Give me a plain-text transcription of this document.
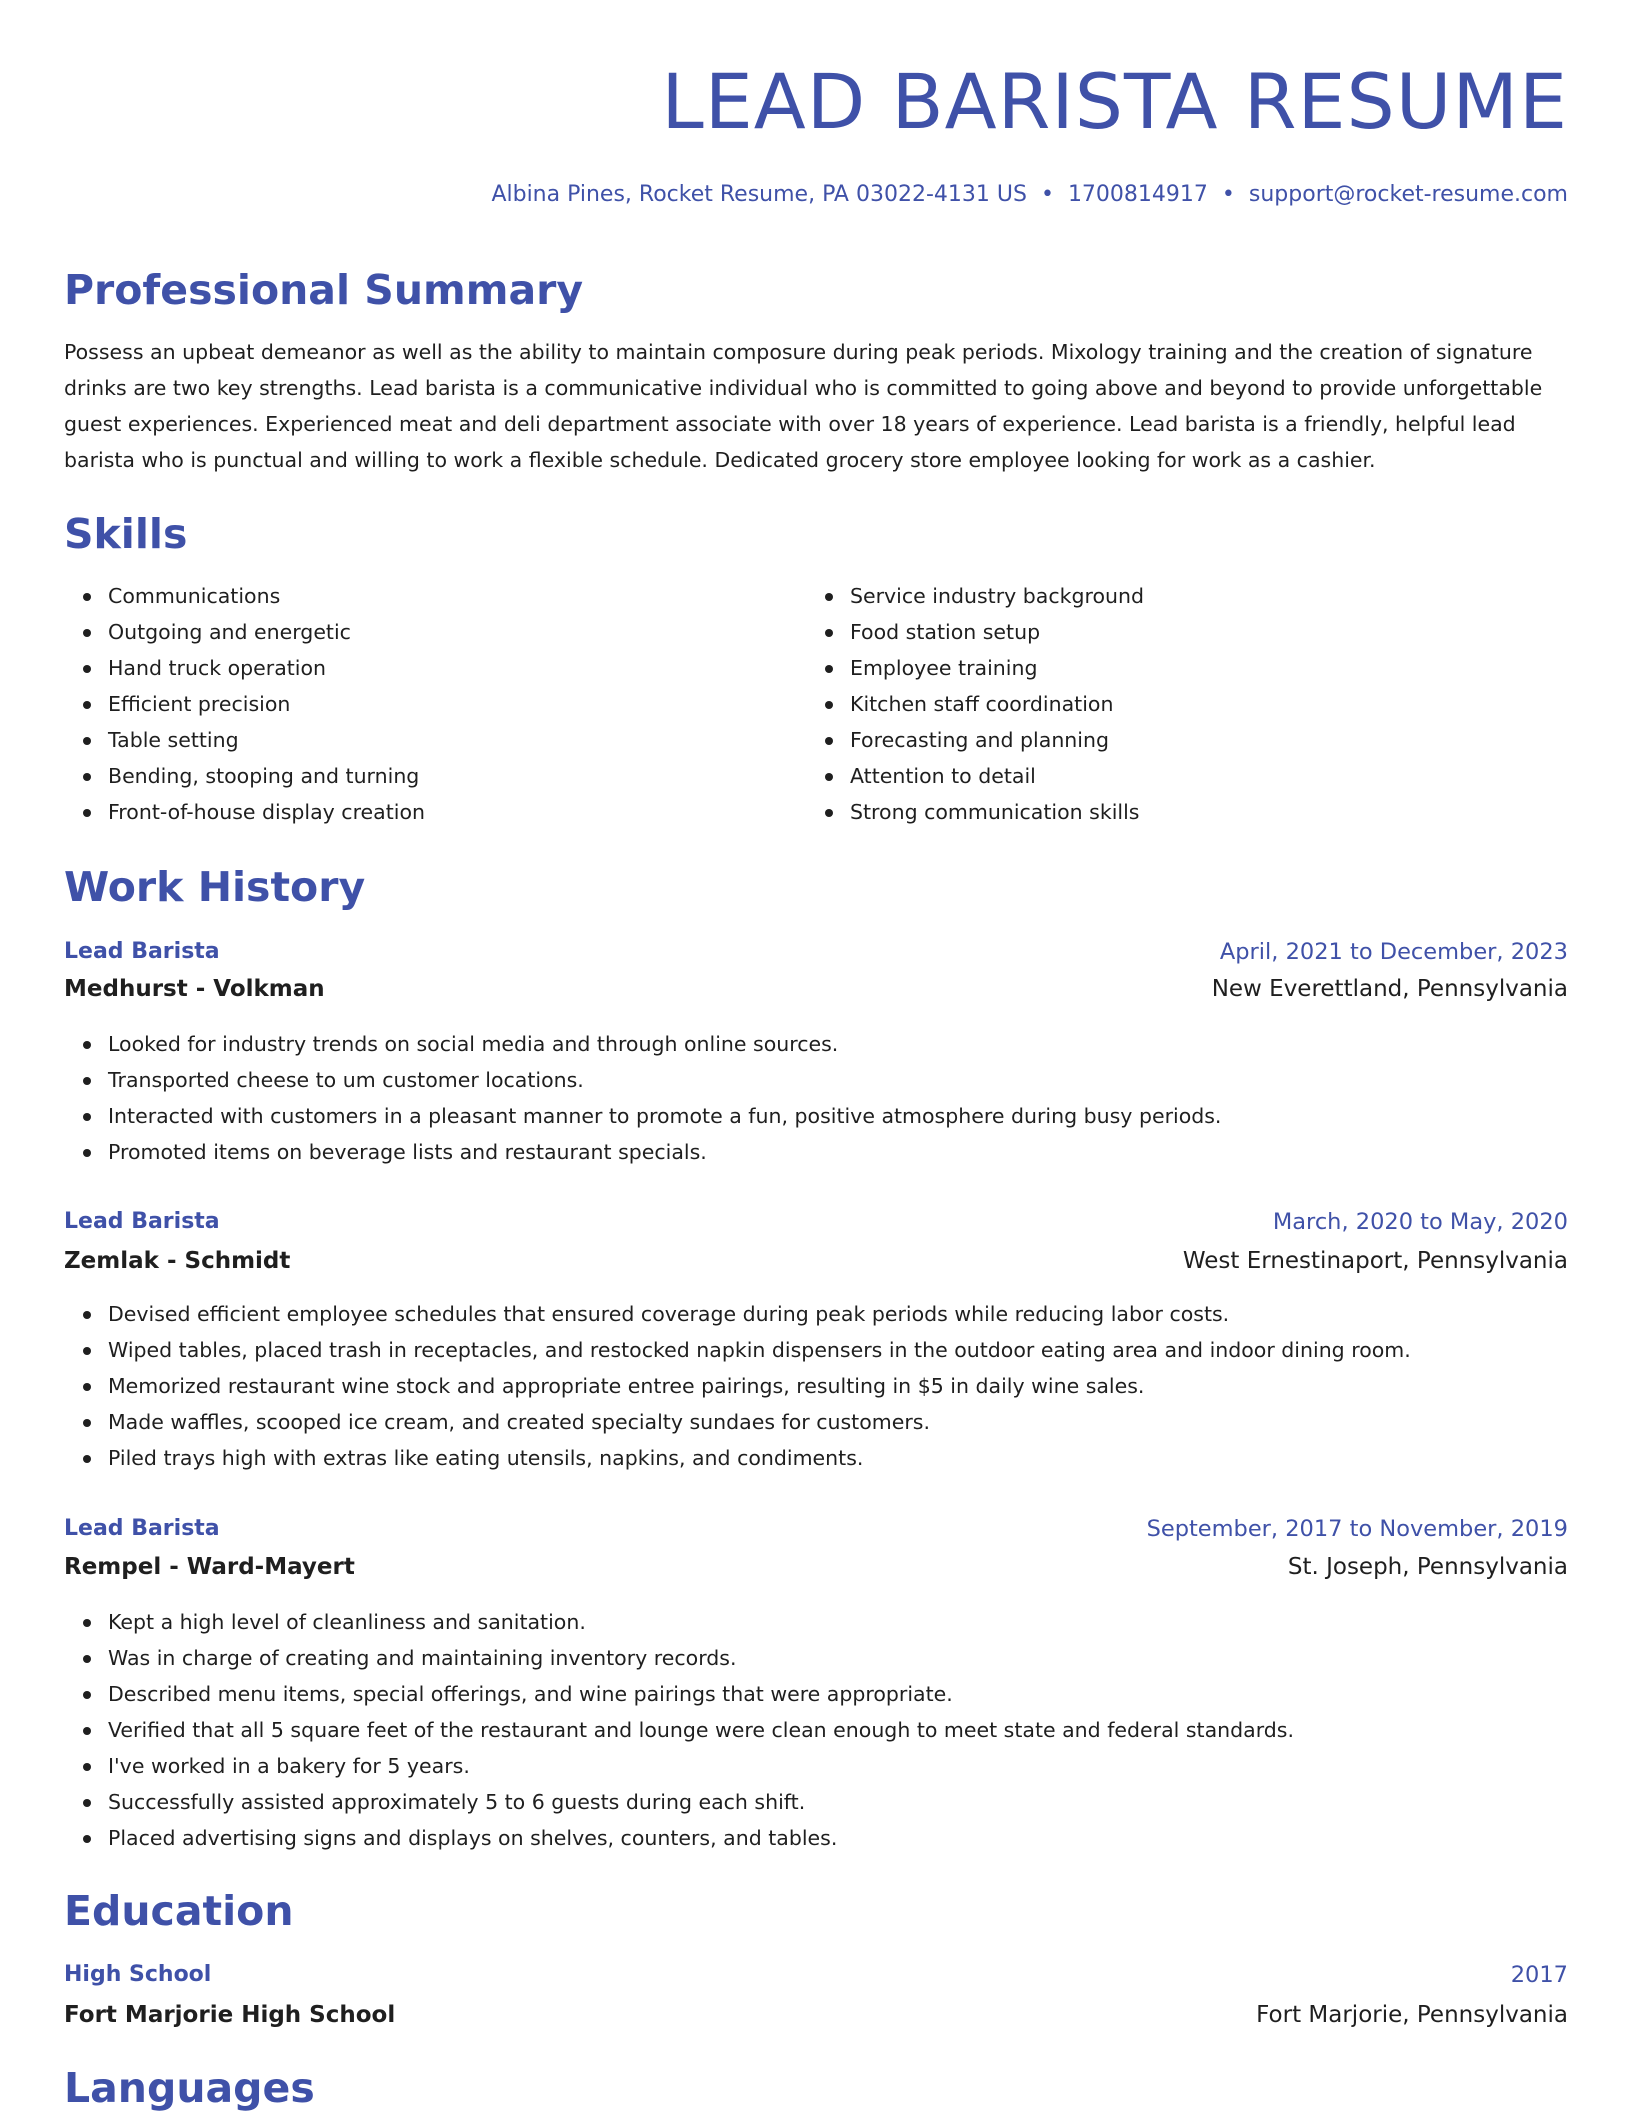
LEAD BARISTA RESUME
Albina Pines, Rocket Resume, PA 03022-4131 US • 1700814917 • support@rocket-resume.com
Professional Summary
Possess an upbeat demeanor as well as the ability to maintain composure during peak periods. Mixology training and the creation of signature
drinks are two key strengths. Lead barista is a communicative individual who is committed to going above and beyond to provide unforgettable
guest experiences. Experienced meat and deli department associate with over 18 years of experience. Lead barista is a friendly, helpful lead
barista who is punctual and willing to work a flexible schedule. Dedicated grocery store employee looking for work as a cashier.
Skills
Communications
Outgoing and energetic
Hand truck operation
Efficient precision
Table setting
Bending, stooping and turning
Front-of-house display creation
Service industry background
Food station setup
Employee training
Kitchen staff coordination
Forecasting and planning
Attention to detail
Strong communication skills
Work History
Lead Barista	April, 2021 to December, 2023
Medhurst - Volkman	New Everettland, Pennsylvania
Looked for industry trends on social media and through online sources.
Transported cheese to um customer locations.
Interacted with customers in a pleasant manner to promote a fun, positive atmosphere during busy periods.
Promoted items on beverage lists and restaurant specials.
Lead Barista	March, 2020 to May, 2020
Zemlak - Schmidt	West Ernestinaport, Pennsylvania
Devised efficient employee schedules that ensured coverage during peak periods while reducing labor costs.
Wiped tables, placed trash in receptacles, and restocked napkin dispensers in the outdoor eating area and indoor dining room.
Memorized restaurant wine stock and appropriate entree pairings, resulting in $5 in daily wine sales.
Made waffles, scooped ice cream, and created specialty sundaes for customers.
Piled trays high with extras like eating utensils, napkins, and condiments.
Lead Barista	September, 2017 to November, 2019
Rempel - Ward-Mayert	St. Joseph, Pennsylvania
Kept a high level of cleanliness and sanitation.
Was in charge of creating and maintaining inventory records.
Described menu items, special offerings, and wine pairings that were appropriate.
Verified that all 5 square feet of the restaurant and lounge were clean enough to meet state and federal standards.
I've worked in a bakery for 5 years.
Successfully assisted approximately 5 to 6 guests during each shift.
Placed advertising signs and displays on shelves, counters, and tables.
Education
High School	2017
Fort Marjorie High School	Fort Marjorie, Pennsylvania
Languages
